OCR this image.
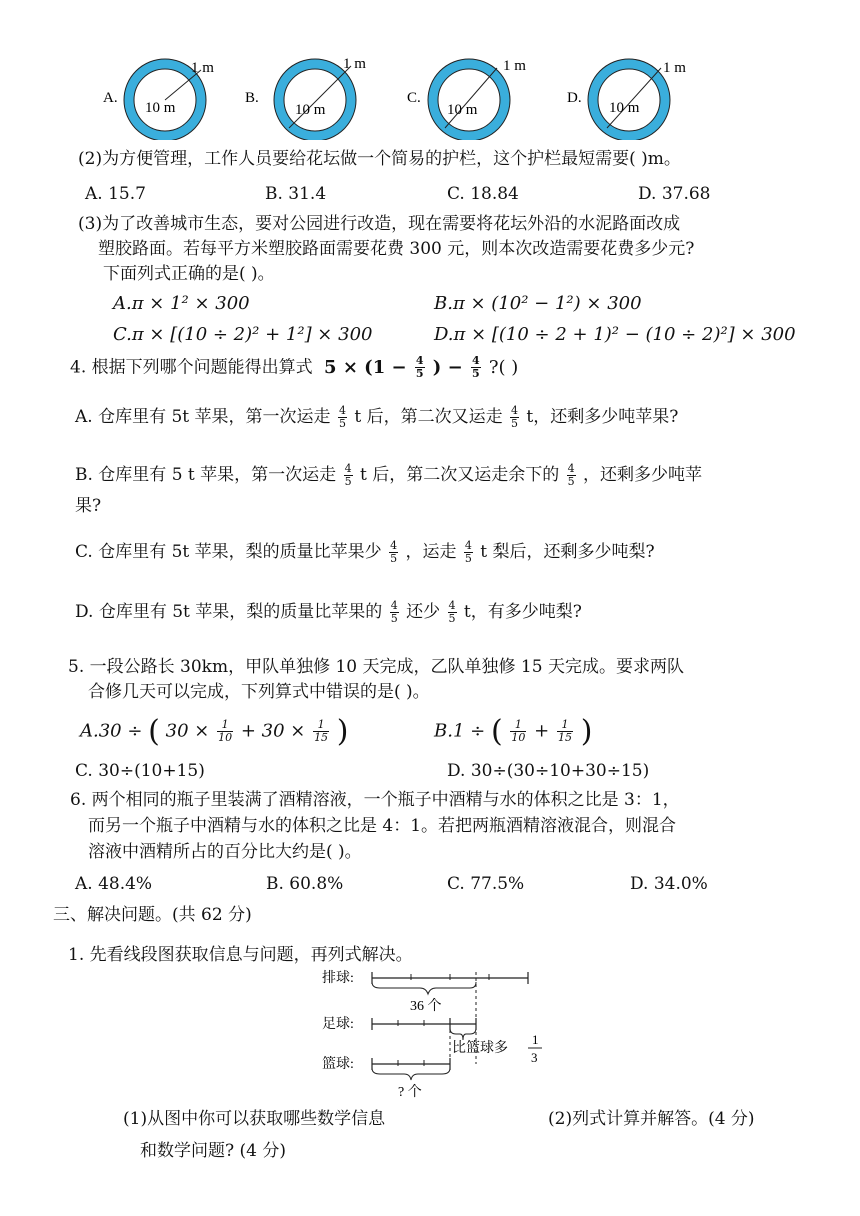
A.
10 m
1 m
B.
10 m
1 m
C.
10 m
1 m
D.
10 m
1 m
(2)为方便管理，工作人员要给花坛做一个简易的护栏，这个护栏最短需要( )m。
A. 15.7	B. 31.4	C. 18.84	D. 37.68
(3)为了改善城市生态，要对公园进行改造，现在需要将花坛外沿的水泥路面改成
塑胶路面。若每平方米塑胶路面需要花费 300 元，则本次改造需要花费多少元?
下面列式正确的是( )。
A.π × 1² × 300	B.π × (10² − 1²) × 300
C.π × [(10 ÷ 2)² + 1²] × 300	D.π × [(10 ÷ 2 + 1)² − (10 ÷ 2)²] × 300
4. 根据下列哪个问题能得出算式 $5 \times (1 - \frac{4}{5}$ ) − $\frac{4}{5}$ ?( )
A. 仓库里有 5t 苹果，第一次运走 $\frac{4}{5}$ t 后，第二次又运走 $\frac{4}{5}$ t，还剩多少吨苹果?
B. 仓库里有 5 t 苹果，第一次运走 $\frac{4}{5}$ t 后，第二次又运走余下的 $\frac{4}{5}$ ，还剩多少吨苹
果?
C. 仓库里有 5t 苹果，梨的质量比苹果少 $\frac{4}{5}$ ，运走 $\frac{4}{5}$ t 梨后，还剩多少吨梨?
D. 仓库里有 5t 苹果，梨的质量比苹果的 $\frac{4}{5}$ 还少 $\frac{4}{5}$ t，有多少吨梨?
5. 一段公路长 30km，甲队单独修 10 天完成，乙队单独修 15 天完成。要求两队
合修几天可以完成，下列算式中错误的是( )。
A.30 ÷ ( $30 \times \frac{1}{10} + 30 \times \frac{1}{15}$ )	B.1 ÷ ( $\frac{1}{10} + \frac{1}{15}$ )
C. 30÷(10+15)	D. 30÷(30÷10+30÷15)
6. 两个相同的瓶子里装满了酒精溶液，一个瓶子中酒精与水的体积之比是 3：1，
而另一个瓶子中酒精与水的体积之比是 4：1。若把两瓶酒精溶液混合，则混合
溶液中酒精所占的百分比大约是( )。
A. 48.4%	B. 60.8%	C. 77.5%	D. 34.0%
三、解决问题。(共 62 分)
1. 先看线段图获取信息与问题，再列式解决。
排球:
36 个
足球:
比篮球多
1
3
篮球:
? 个
(1)从图中你可以获取哪些数学信息
和数学问题? (4 分)
(2)列式计算并解答。(4 分)
